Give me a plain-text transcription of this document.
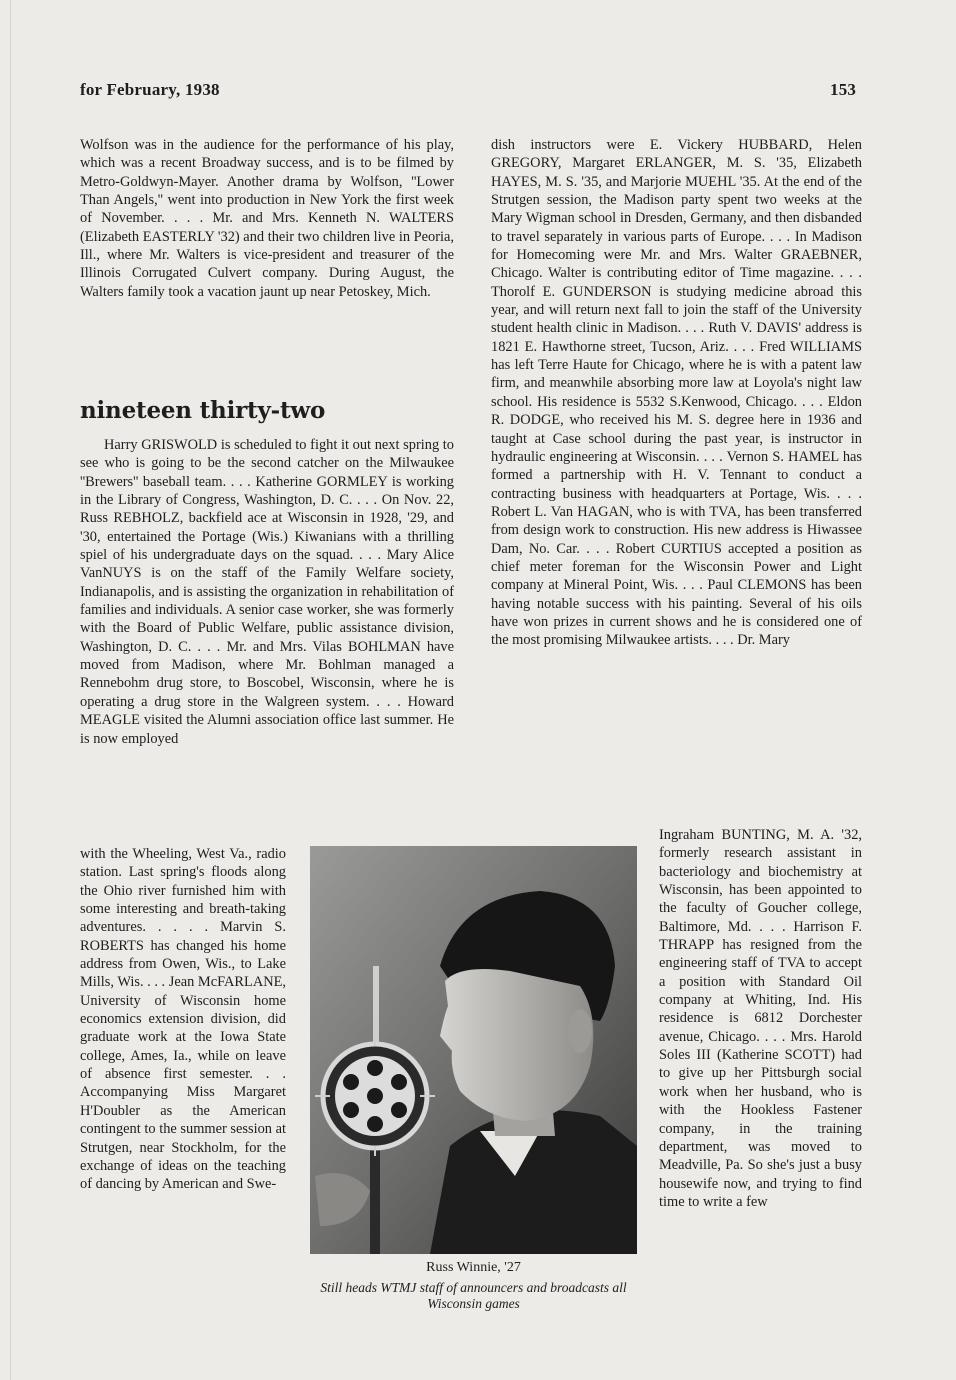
for February, 1938	153

Wolfson was in the audience for the performance of his play, which was a recent Broadway success, and is to be filmed by Metro-Goldwyn-Mayer. Another drama by Wolfson, ''Lower Than Angels,'' went into production in New York the first week of November. . . . Mr. and Mrs. Kenneth N. WALTERS (Elizabeth EASTERLY '32) and their two children live in Peoria, Ill., where Mr. Walters is vice-president and treasurer of the Illinois Corrugated Culvert company. During August, the Walters family took a vacation jaunt up near Petoskey, Mich.

nineteen thirty-two

Harry GRISWOLD is scheduled to fight it out next spring to see who is going to be the second catcher on the Milwaukee ''Brewers'' baseball team. . . . Katherine GORMLEY is working in the Library of Congress, Washington, D. C. . . . On Nov. 22, Russ REBHOLZ, backfield ace at Wisconsin in 1928, '29, and '30, entertained the Portage (Wis.) Kiwanians with a thrilling spiel of his undergraduate days on the squad. . . . Mary Alice VanNUYS is on the staff of the Family Welfare society, Indianapolis, and is assisting the organization in rehabilitation of families and individuals. A senior case worker, she was formerly with the Board of Public Welfare, public assistance division, Washington, D. C. . . . Mr. and Mrs. Vilas BOHLMAN have moved from Madison, where Mr. Bohlman managed a Rennebohm drug store, to Boscobel, Wisconsin, where he is operating a drug store in the Walgreen system. . . . Howard MEAGLE visited the Alumni association office last summer. He is now employed

with the Wheeling, West Va., radio station. Last spring's floods along the Ohio river furnished him with some interesting and breath-taking adventures. . . . . Marvin S. ROBERTS has changed his home address from Owen, Wis., to Lake Mills, Wis. . . . Jean McFARLANE, University of Wisconsin home economics extension division, did graduate work at the Iowa State college, Ames, Ia., while on leave of absence first semester. . . Accompanying Miss Margaret H'Doubler as the American contingent to the summer session at Strutgen, near Stockholm, for the exchange of ideas on the teaching of dancing by American and Swe-

dish instructors were E. Vickery HUBBARD, Helen GREGORY, Margaret ERLANGER, M. S. '35, Elizabeth HAYES, M. S. '35, and Marjorie MUEHL '35. At the end of the Strutgen session, the Madison party spent two weeks at the Mary Wigman school in Dresden, Germany, and then disbanded to travel separately in various parts of Europe. . . . In Madison for Homecoming were Mr. and Mrs. Walter GRAEBNER, Chicago. Walter is contributing editor of Time magazine. . . . Thorolf E. GUNDERSON is studying medicine abroad this year, and will return next fall to join the staff of the University student health clinic in Madison. . . . Ruth V. DAVIS' address is 1821 E. Hawthorne street, Tucson, Ariz. . . . Fred WILLIAMS has left Terre Haute for Chicago, where he is with a patent law firm, and meanwhile absorbing more law at Loyola's night law school. His residence is 5532 S.Kenwood, Chicago. . . . Eldon R. DODGE, who received his M. S. degree here in 1936 and taught at Case school during the past year, is instructor in hydraulic engineering at Wisconsin. . . . Vernon S. HAMEL has formed a partnership with H. V. Tennant to conduct a contracting business with headquarters at Portage, Wis. . . . Robert L. Van HAGAN, who is with TVA, has been transferred from design work to construction. His new address is Hiwassee Dam, No. Car. . . . Robert CURTIUS accepted a position as chief meter foreman for the Wisconsin Power and Light company at Mineral Point, Wis. . . . Paul CLEMONS has been having notable success with his painting. Several of his oils have won prizes in current shows and he is considered one of the most promising Milwaukee artists. . . . Dr. Mary

Ingraham BUNTING, M. A. '32, formerly research assistant in bacteriology and biochemistry at Wisconsin, has been appointed to the faculty of Goucher college, Baltimore, Md. . . . Harrison F. THRAPP has resigned from the engineering staff of TVA to accept a position with Standard Oil company at Whiting, Ind. His residence is 6812 Dorchester avenue, Chicago. . . . Mrs. Harold Soles III (Katherine SCOTT) had to give up her Pittsburgh social work when her husband, who is with the Hookless Fastener company, in the training department, was moved to Meadville, Pa. So she's just a busy housewife now, and trying to find time to write a few

Russ Winnie, '27
Still heads WTMJ staff of announcers and broadcasts all Wisconsin games
